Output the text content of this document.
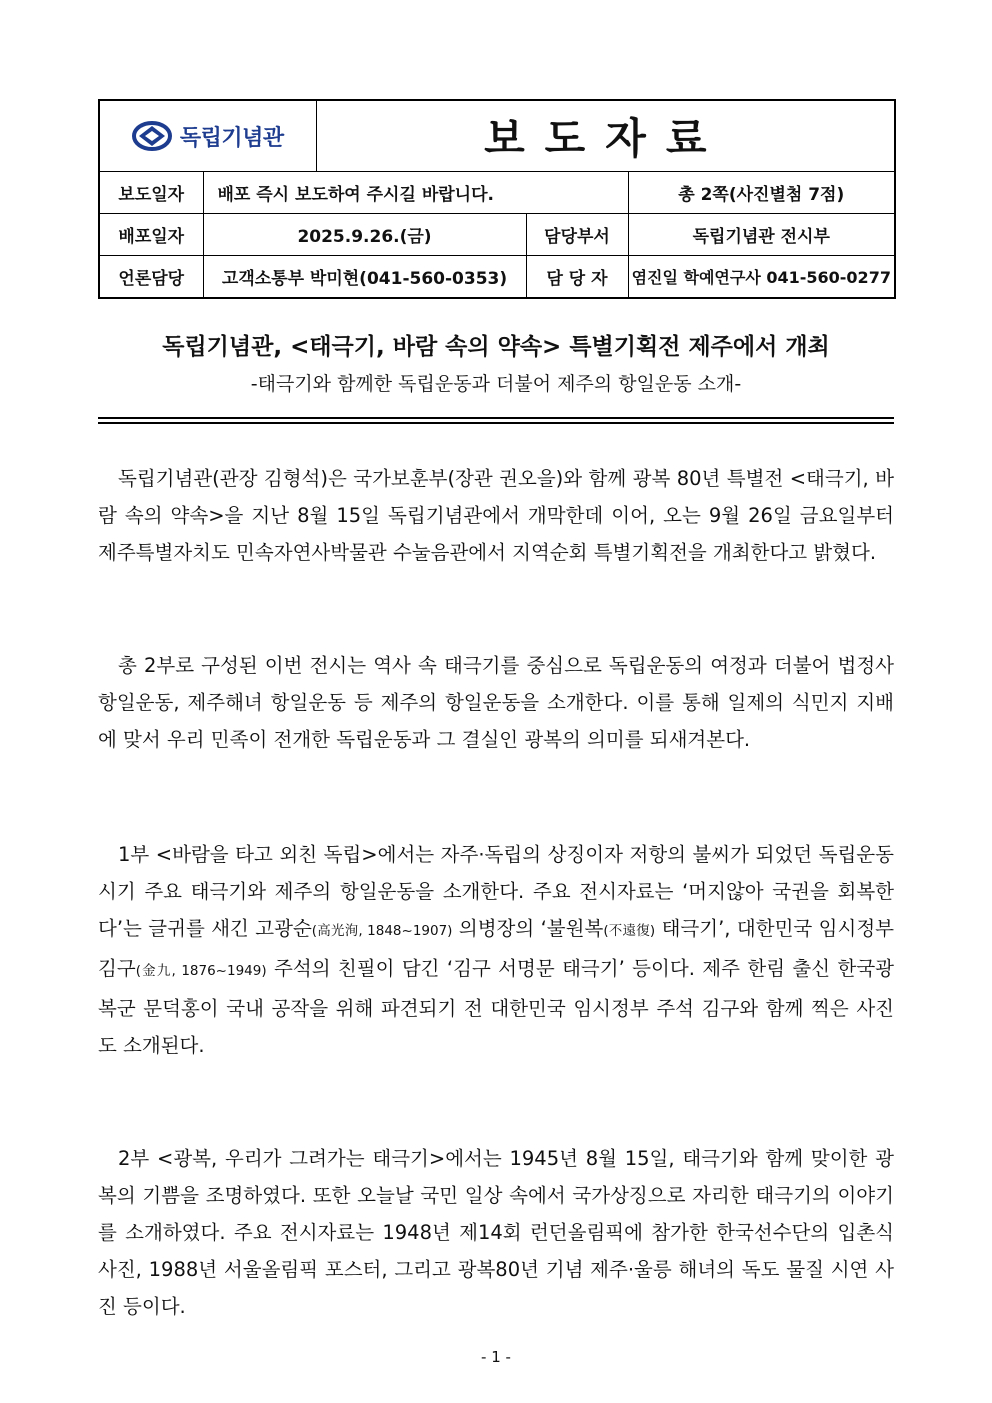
독립기념관		보도자료		
보도일자	배포 즉시 보도하여 주시길 바랍니다.			총 2쪽(사진별첨 7점)
배포일자	2025.9.26.(금)		담당부서	독립기념관 전시부
언론담당	고객소통부 박미현(041-560-0353)		담 당 자	염진일 학예연구사 041-560-0277
독립기념관, <태극기, 바람 속의 약속> 특별기획전 제주에서 개최
-태극기와 함께한 독립운동과 더불어 제주의 항일운동 소개-

독립기념관(관장 김형석)은 국가보훈부(장관 권오을)와 함께 광복 80년 특별전 <태극기, 바람 속의 약속>을 지난 8월 15일 독립기념관에서 개막한데 이어, 오는 9월 26일 금요일부터 제주특별자치도 민속자연사박물관 수눌음관에서 지역순회 특별기획전을 개최한다고 밝혔다.

총 2부로 구성된 이번 전시는 역사 속 태극기를 중심으로 독립운동의 여정과 더불어 법정사 항일운동, 제주해녀 항일운동 등 제주의 항일운동을 소개한다. 이를 통해 일제의 식민지 지배에 맞서 우리 민족이 전개한 독립운동과 그 결실인 광복의 의미를 되새겨본다.

1부 <바람을 타고 외친 독립>에서는 자주·독립의 상징이자 저항의 불씨가 되었던 독립운동 시기 주요 태극기와 제주의 항일운동을 소개한다. 주요 전시자료는 ‘머지않아 국권을 회복한다’는 글귀를 새긴 고광순(高光洵, 1848~1907) 의병장의 ‘불원복(不遠復) 태극기’, 대한민국 임시정부 김구(金九, 1876~1949) 주석의 친필이 담긴 ‘김구 서명문 태극기’ 등이다. 제주 한림 출신 한국광복군 문덕홍이 국내 공작을 위해 파견되기 전 대한민국 임시정부 주석 김구와 함께 찍은 사진도 소개된다.

2부 <광복, 우리가 그려가는 태극기>에서는 1945년 8월 15일, 태극기와 함께 맞이한 광복의 기쁨을 조명하였다. 또한 오늘날 국민 일상 속에서 국가상징으로 자리한 태극기의 이야기를 소개하였다. 주요 전시자료는 1948년 제14회 런던올림픽에 참가한 한국선수단의 입촌식 사진, 1988년 서울올림픽 포스터, 그리고 광복80년 기념 제주·울릉 해녀의 독도 물질 시연 사진 등이다.

- 1 -
